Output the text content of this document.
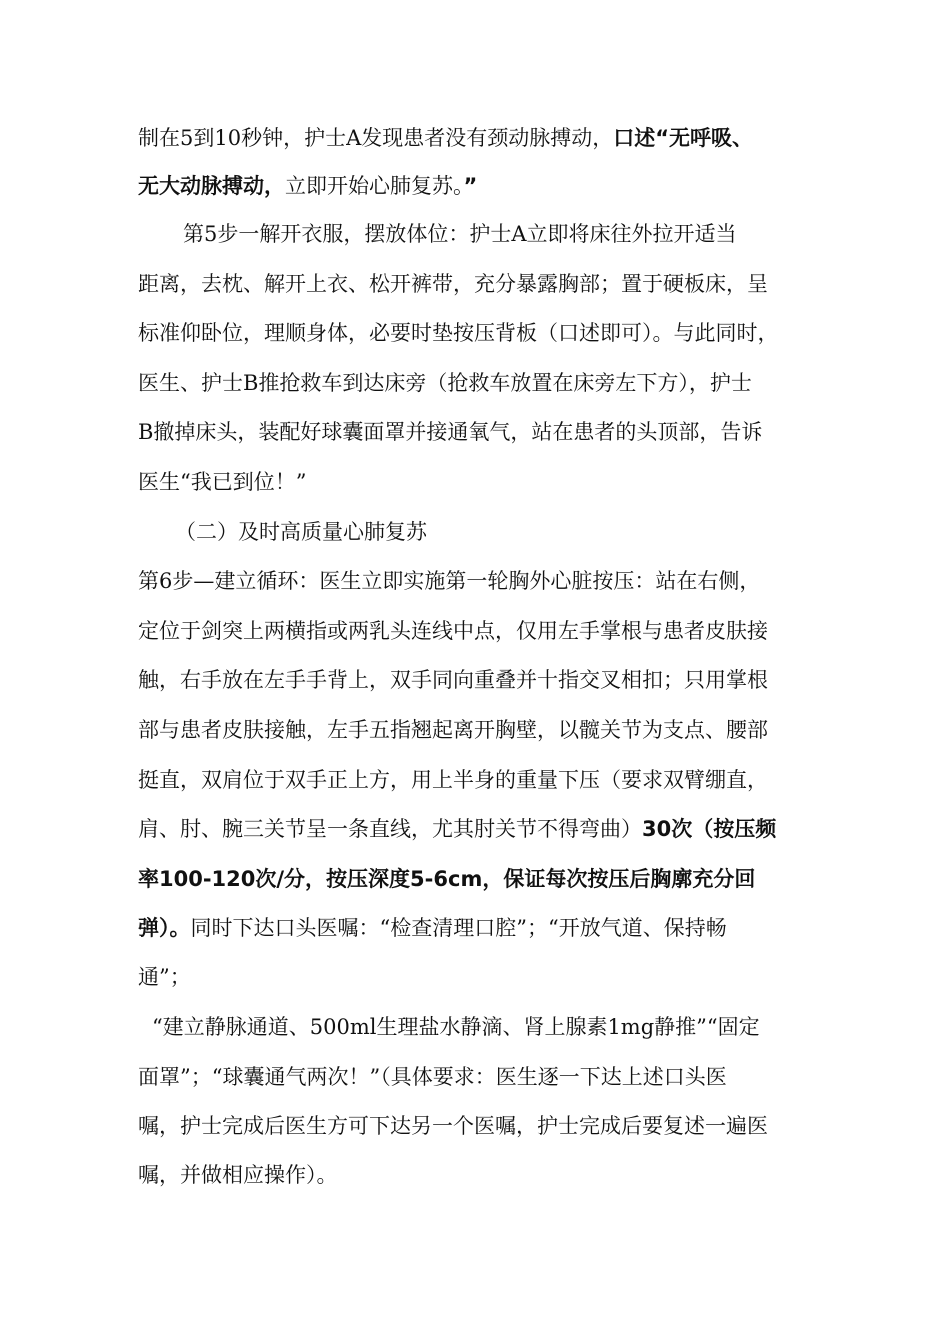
制在5到10秒钟，护士A发现患者没有颈动脉搏动，口述“无呼吸、
无大动脉搏动，立即开始心肺复苏。”
第5步一解开衣服，摆放体位：护士A立即将床往外拉开适当
距离，去枕、解开上衣、松开裤带，充分暴露胸部；置于硬板床，呈
标准仰卧位，理顺身体，必要时垫按压背板（口述即可）。与此同时，
医生、护士B推抢救车到达床旁（抢救车放置在床旁左下方），护士
B撤掉床头，装配好球囊面罩并接通氧气，站在患者的头顶部，告诉
医生“我已到位！”
（二）及时高质量心肺复苏
第6步—建立循环：医生立即实施第一轮胸外心脏按压：站在右侧，
定位于剑突上两横指或两乳头连线中点，仅用左手掌根与患者皮肤接
触，右手放在左手手背上，双手同向重叠并十指交叉相扣；只用掌根
部与患者皮肤接触，左手五指翘起离开胸壁，以髋关节为支点、腰部
挺直，双肩位于双手正上方，用上半身的重量下压（要求双臂绷直，
肩、肘、腕三关节呈一条直线，尤其肘关节不得弯曲）30次（按压频
率100-120次/分，按压深度5-6cm，保证每次按压后胸廓充分回
弹）。同时下达口头医嘱：“检查清理口腔”；“开放气道、保持畅
通”；
“建立静脉通道、500ml生理盐水静滴、肾上腺素1mg静推”“固定
面罩”；“球囊通气两次！”（具体要求：医生逐一下达上述口头医
嘱，护士完成后医生方可下达另一个医嘱，护士完成后要复述一遍医
嘱，并做相应操作）。
